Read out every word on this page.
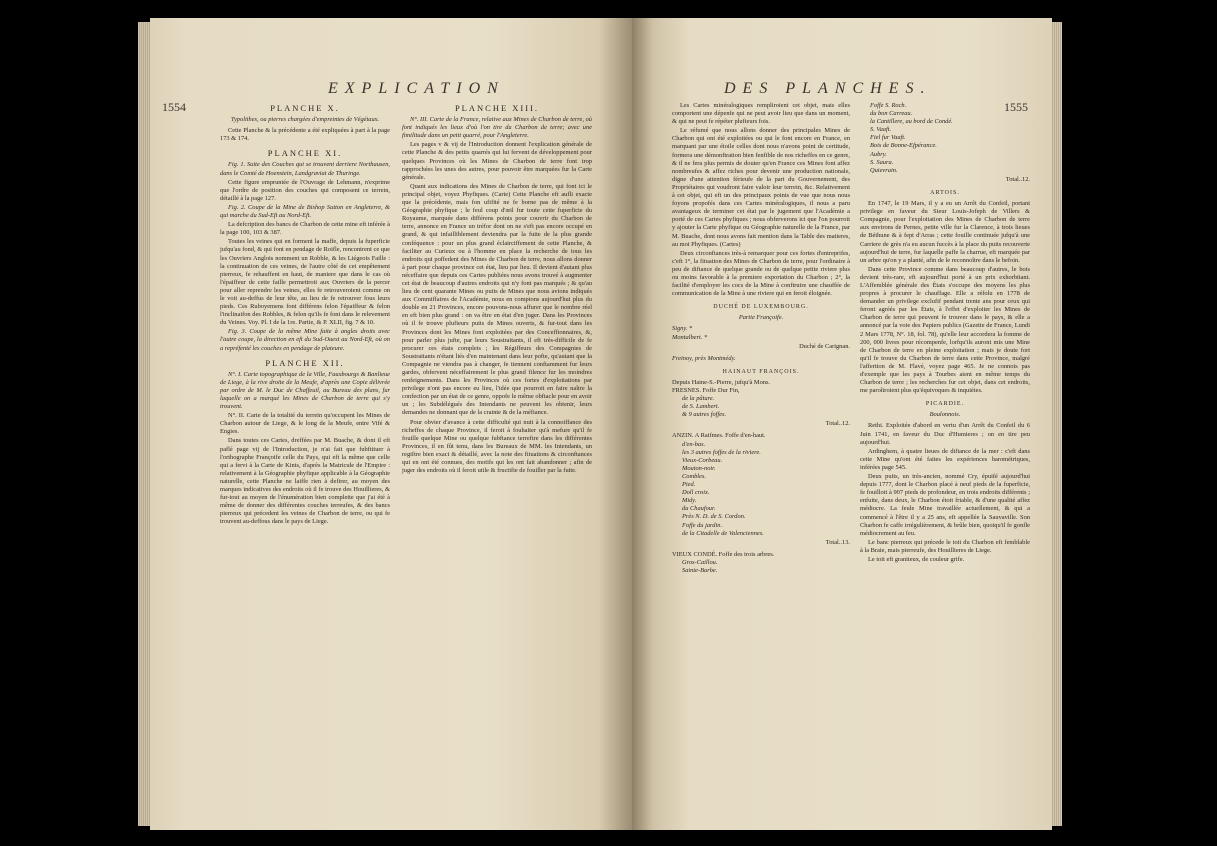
1554
EXPLICATION

PLANCHE X.

Typolithes, ou pierres chargées d'empreintes de Végétaux.

Cette Planche & la précédente a été expliquées à part à la page 173 & 174.

PLANCHE XI.

Fig. 1. Suite des Couches qui se trouvent derriere Northausen, dans le Comté de Hoenstein, Landgraviat de Thuringe.

Cette figure empruntée de l'Ouvrage de Lehmann, n'exprime que l'ordre de position des couches qui composent ce terrein, détaillé à la page 127.

Fig. 2. Coupe de la Mine de Bishop Sutton en Angleterre, & qui marche du Sud-Eft au Nord-Eft.

La defcription des bancs de Charbon de cette mine eft inférée à la page 100, 103 & 387.

Toutes les veines qui en forment la maffe, depuis la fuperficie jufqu'au fond, & qui font en pendage de Roifle, rencontrent ce que les Ouvriers Anglois nomment un Robble, & les Liégeois Faille : la continuation de ces veines, de l'autre côté de cet empêtement pierreux, fe rehauffent en haut, de maniere que dans le cas où l'épaiffeur de cette faille permettroit aux Ouvriers de la percer pour aller reprendre les veines, elles fe retrouveroient comme on le voit au-deffus de leur tête, au lieu de fe retrouver fous leurs pieds. Ces Ruboyemens font différens felon l'épaiffeur & felon l'inclinaifon des Robbles, & felon qu'ils fe font dans le relevement du Veines. Voy. Pl. I de la 1re. Partie, & P. XLII, fig. 7 & 10.

Fig. 3. Coupe de la même Mine faite à angles droits avec l'autre coupe, la direction en eft du Sud-Ouest au Nord-Eft, où on a repréfenté les couches en pendage de plateure.

PLANCHE XII.

N°. I. Carte topographique de la Ville, Fauxbourgs & Banlieue de Liege, à la rive droite de la Meufe, d'après une Copie délivrée par ordre de M. le Duc de Chaffeuil, au Bureau des plans, fur laquelle on a marqué les Mines de Charbon de terre qui s'y trouvent.

N°. II. Carte de la totalité du terrein qu'occupent les Mines de Charbon autour de Liege, & le long de la Meufe, entre Vifé & Engies.

Dans toutes ces Cartes, dreffées par M. Buache, & dont il eft paflé page vij de l'Introduction, je n'ai fait que fubftituer à l'orthographe Françoife celle du Pays, qui eft la même que celle qui a fervi à la Carte de Kints, d'après la Matricule de l'Empire : relativement à la Géographie phyfique applicable à la Géographie naturelle, cette Planche ne laiffe rien à defirer, au moyen des marques indicatives des endroits où il fe trouve des Houillieres, & fur-tout au moyen de l'énumération bien complette que j'ai été à même de donner des différentes couches terreufes, & des bancs pierreux qui précedent les veines de Charbon de terre, ou qui fe trouvent au-deffous dans le pays de Liege.

PLANCHE XIII.

N°. III. Carte de la France, relative aux Mines de Charbon de terre, où font indiqués les lieux d'où l'on tire du Charbon de terre; avec une fimilitude dans un petit quarré, pour l'Angleterre.

Les pages v & vij de l'Introduction donnent l'explication générale de cette Planche & des petits quarrés qui lui fervent de développement pour quelques Provinces où les Mines de Charbon de terre font trop rapprochées les unes des autres, pour pouvoir être marquées fur la Carte générale.

Quant aux indications des Mines de Charbon de terre, qui font ici le principal objet, voyez Phyfiques. (Carte) Cette Planche eft aufli exacte que la précédente, mais fon ufifité ne fe borne pas de même à la Géographie phyfique ; le feul coup d'œil fur toute cette fuperficie du Royaume, marquée dans différens points pour couvrir du Charbon de terre, annonce en France un tréfor dont on ne s'eft pas encore occupé en grand, & qui infailliblement deviendra par la fuite de la plus grande conféquence : pour un plus grand éclairciffement de cette Planche, & faciliter au Curieux ou à l'homme en place la recherche de tous les endroits qui poffedent des Mines de Charbon de terre, nous allons donner à part pour chaque province cet état, lieu par lieu. Il devient d'autant plus néceffaire que depuis ces Cartes publiées nous avons trouvé à augmenter cet état de beaucoup d'autres endroits qui n'y font pas marqués ; & qu'au lieu de cent quarante Mines ou puits de Mines que nous avions indiqués aux Commiffaires de l'Académie, nous en comptons aujourd'hui plus du double en 21 Provinces, encore pouvons-nous affurer que le nombre réel en eft bien plus grand : on va être en état d'en juger. Dans les Provinces où il fe trouve plufieurs puits de Mines ouverts, & fur-tout dans les Provinces dont les Mines font exploitées par des Conceffionnaires, &, pour parler plus jufte, par leurs Soustraitants, il eft très-difficile de fe procurer ces états complets ; les Régiffeurs des Compagnies de Soustraitants n'étant liés d'en maintenant dans leur pofte, qu'autant que la Compagnie ne viendra pas à changer, fe tiennent conftamment fur leurs gardes, obfervent néceffairement le plus grand filence fur les moindres renfeignements. Dans les Provinces où ces fortes d'exploitations par privilege n'ont pas encore eu lieu, l'idée que pourroit en faire naître la confection par un état de ce genre, oppofe le même obftacle pour en avoir un ; les Subdélégués des Intendants ne peuvent les obtenir, leurs demandes ne donnant que de la crainte & de la méfiance.

Pour obvier d'avance à cette difficulté qui nuit à la connoiffance des richeffes de chaque Province, il feroit à fouhaiter qu'à mefure qu'il fe fouille quelque Mine ou quelque fubftance terreftre dans les différentes Provinces, il en fût tenu, dans les Bureaux de MM. les Intendants, un regiftre bien exact & détaillé, avec la note des fituations & circonftances qui en ont été connues, des motifs qui les ont fait abandonner ; afin de juger des endroits où il feroit utile & fructifie de fouiller par la fuite.

DES PLANCHES.
1555

Les Cartes minéralogiques rempliroient cet objet, mais elles comportent une dépenfe qui ne peut avoir lieu que dans un moment, & qui ne peut fe répéter plufieurs fois.

Le réfumé que nous allons donner des principales Mines de Charbon qui ont été exploitées ou qui le font encore en France, en marquant par une étoile celles dont nous n'avons point de certitude, formera une démonftration bien fenfible de nos richeffes en ce genre, & il ne fera plus permis de douter qu'en France ces Mines font affez nombreufes & affez riches pour devenir une production nationale, digne d'une attention férieufe de la part du Gouvernement, des Propriétaires qui voudront faire valoir leur terrein, &c. Relativement à cet objet, qui eft un des principaux points de vue que nous nous foyons propofés dans ces Cartes minéralogiques, il nous a paru avantageux de terminer cet état par le jugement que l'Académie a porté de ces Cartes phyfiques ; nous obferverons ici que l'on pourroit y ajouter la Carte phyfique ou Géographie naturelle de la France, par M. Buache, dont nous avons fait mention dans la Table des matieres, au mot Phyfiques. (Cartes)

Deux circonftances très-à remarquer pour ces fortes d'entreprifes, c'eft 1°, la fituation des Mines de Charbon de terre, pour l'ordinaire à peu de diftance de quelque grande ou de quelque petite riviere plus ou moins favorable à la premiere exportation du Charbon ; 2°, la facilité d'employer les cocs de la Mine à conftruire une chauffée de communication de la Mine à une riviere qui en feroit éloignée.

DUCHÉ DE LUXEMBOURG.

Partie Françoife.

Signy. *

Montalbert. *

Duché de Carignan.

Freinoy, près Montmédy.

HAINAUT FRANÇOIS.

Depuis Haine-S.-Pierre, jufqu'à Mons.

FRESNES. Foffe Dur Fin,

de la pâture.

de S. Lambert.

& 9 autres foffes.

Total..12.

ANZIN. A Raifmes. Foffe d'en-haut.

d'en-bas.

les 3 autres foffes de la riviere.

Vieux-Corbeau.

Mouton-noir.

Combles.

Pied.

Doll croix.

Midy.

du Chaufour.

Près N. D. de S. Cordon.

Foffe du jardin.

de la Citadelle de Valenciennes.

Total..13.

VIEUX CONDÉ. Foffe des trois arbres.

Gros-Caillou.

Sainte-Barbe.

Foffe S. Roch.

du bon Carreau.

la Cantillere, au bord de Condé.

S. Vaaft.

Fiel fur Vaaft.

Bois de Bonne-Efpérance.

Aubry.

S. Saura.

Quievrain.

Total..12.

ARTOIS.

En 1747, le 19 Mars, il y a eu un Arrêt du Confeil, portant privilege en faveur du Sieur Louis-Jofeph de Villers & Compagnie, pour l'exploitation des Mines de Charbon de terre aux environs de Pernes, petite ville fur la Clarence, à trois lieues de Béthune & à fept d'Arras ; cette fouille continuée jufqu'à une Carriere de grès n'a eu aucun fuccès à la place du puits recouverte aujourd'hui de terre, fur laquelle paffe la charrue, eft marquée par un arbre qu'on y a planté, afin de le reconnoître dans le befoin.

Dans cette Province comme dans beaucoup d'autres, le bois devient très-rare, eft aujourd'hui porté à un prix exhorbitant. L'Affemblée générale des États s'occupe des moyens les plus propres à procurer le chauffage. Elle a réfolu en 1778 de demander un privilege exclufif pendant trente ans pour ceux qui feront agréés par les États, à l'effet d'exploiter les Mines de Charbon de terre qui peuvent fe trouver dans le pays, & elle a annoncé par la voie des Papiers publics (Gazette de France, Lundi 2 Mars 1778, N°. 18, fol. 78), qu'elle leur accordera la fomme de 200, 000 livres pour récompenfe, lorfqu'ils auront mis une Mine de Charbon de terre en pleine exploitation ; mais je doute fort qu'il fe trouve du Charbon de terre dans cette Province, malgré l'affertion de M. Flavé, voyez page 465. Je ne connois pas d'exemple que les pays à Tourbes aient en même temps du Charbon de terre ; les recherches fur cet objet, dans cet endroits, me paroîtroient plus qu'équivoques & inquiétes.

PICARDIE.

Boulonnois.

Rethi. Exploitée d'abord en vertu d'un Arrêt du Confeil du 6 Juin 1741, en faveur du Duc d'Humieres ; on en tire peu aujourd'hui.

Ardinghem, à quatre lieues de diftance de la mer : c'eft dans cette Mine qu'ont été faites les expériences barométriques, inférées page 545.

Deux puits, un très-ancien, nommé Cry, épuifé aujourd'hui depuis 1777, dont le Charbon placé à neuf pieds de la fuperficie, fe fouilloit à 907 pieds de profondeur, en trois endroits différents ; enfuite, dans deux, le Charbon étoit friable, & d'une qualité affez médiocre. La feule Mine travaillée actuellement, & qui a commencé à l'être il y a 25 ans, eft appellée la Sauvaville. Son Charbon fe caffe irrégulièrement, & brûle bien, quoiqu'il fe gonfle médiocrement au feu.

Le banc pierreux qui précede le toit du Charbon eft femblable à la Braie, mais pierreufe, des Houillieres de Liege.

Le toit eft graniteux, de couleur grife.
